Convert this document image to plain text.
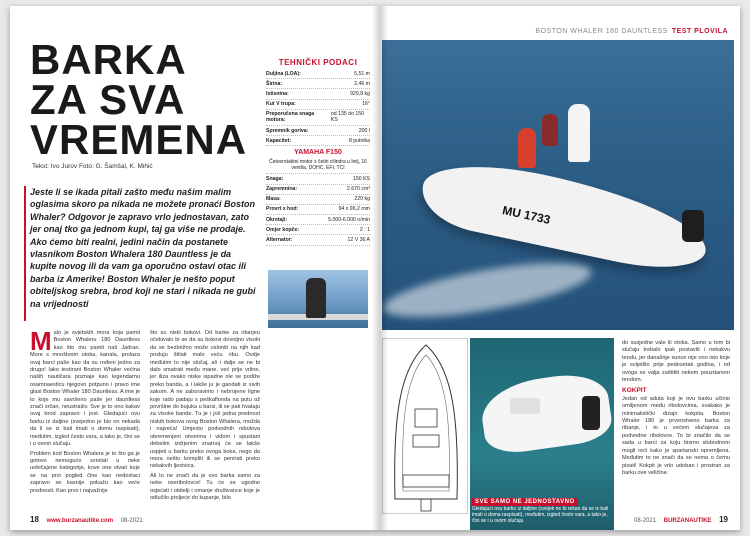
BARKA
ZA SVA
VREMENA
Tekst: Ivo Jurov Foto: G. Šamšal, K. Mihić
Jeste li se ikada pitali zašto među našim malim oglasima skoro pa nikada ne možete pronaći Boston Whaler? Odgovor je zapravo vrlo jednostavan, zato jer onaj tko ga jednom kupi, taj ga više ne prodaje. Ako ćemo biti realni, jedini način da postanete vlasnikom Boston Whalera 180 Dauntless je da kupite novog ili da vam ga oporučno ostavi otac ili barba iz Amerike! Boston Whaler je nešto poput obiteljskog srebra, brod koji ne stari i nikada ne gubi na vrijednosti
TEHNIČKI PODACI
Duljina (LOA):	5,51 m
Širina:	2,46 m
Istisnina:	929,8 kg
Kut V trupa:	16°
Preporučena snaga motora:
od 135 do 150 KS
Spremnik goriva:	200 l
Kapacitet:	8 putnika
YAMAHA F150
Četverotaktni motor s četiri cilindra u linij, 16 ventila, DOHC, EFI, TCI
Snaga:	150 KS
Zapremnina:	2.670 cm³
Masa:	220 kg
Provrt x hod:	94 x 96,2 mm
Okretaji:	5.000-6.000 o/min
Omjer kopče:	2 : 1
Alternator:	12 V 36 A
M alo je svjetskih mora koja pamti Boston Whaleru 180 Dauntless kao što mu pamti naš Jadran. More s mnoštvom otoka, kanala, prolaza ovaj barci paše kao da su rođeni jedno za drugo! Iako testirani Boston Whaler većina naših nautičara poznaje kao legendarnu osamnaesticu njegovo potpuno i pravo ime glasi Boston Whaler 180 Dauntless. A ime je to koje mu savršeno paše jer dauntless znači srčan, neustrašiv. Sve je to ono kakav ovaj brod zapravo i jest. Gledajući ovu barku iz daljine (svejedno je bio on nekada da li se iz bali imati o domu raspisati), međutim, izgled često vara, a tako je, čini se i u ovom slučaju.
Problem kod Boston Whalera je to što ga je gotovo nemoguće svrstati u neke uobičajene kategorije, kove one stvari koje se na prvi pogled čine kao nedostaci zapravo se kasnije pokažu kao veće prednosti. Kao prvo i najvažnije
što su niski bokovi. Od barke za ribarjeu očekivalo bi se da su bokovi dovoljno visoki da se bezbrižno može osloniti na njih kad posluju štilati malo veću ribu. Ovdje međutim to nije slučaj, ali i dalje se ne bi dalo smatrati među mane, već prije vrline, jer iliza ovako niske ispadne ole se podiže preko banda, a i lakše ju je gandati iz sivih sakom. A ne zaboravimo i nebrojene ligne koje rado padaju s peškaflonda na putu ož površine do bujuka u barsi, ili se pak hvataju za visoke bande. Tu je i još jedna prednost niskih bokova ovog Boston Whalera, možda i najveća! Umjesto podvodnih nibolova obremenjeni otvorima i vidom i spustani debelim izdrjenim znatnoj će se lakše uspjeti u barku preko ovoga boka, nego da mora nešto kompliti ili se penirati preko nekakvih ljestvica.
Ali to ne znači da je ovo barka samo za neke oseribolovce! Tu će se ugodno osjećati i obitelji i omanje društvance koje je odlučilo proljeće do kupanje, bilo
18 www.burzanautike.com 08-2021
BOSTON WHALER 180 DAUNTLESS TEST PLOVILA
MU 1733
SVE SAMO NE JEDNOSTAVNO
Gledajući ovu barku iz daljine (svejek ne bi rekao da se iz bali imati o doma raspisati), međutim, izgled često vara, a tako je, čini se i u ovom slučaju
do susjedne vale ili otoka. Samo u tom bi slučaju trebalo ipak postaviti i nekakvu tendu, jer današnje sunce nije ono isto koje je svijetlilo prije pedesetak godina, i od ovoga se valja zaštititi nekom pouzdanom tendom.
KOKPIT
Jedan od aduta koji je ovu barku učinio omiljenom među ribolovcima, svakako je minimalistički dizajn kokpita. Boston Whaler 180 je prvenstveno barka za ribanje, i to u većem slučajeva za podvodne ribolovce. To bi značilo da se sada u barci za koju bismo slobodnom mogli reći kako je spartanski opremljena. Međutim to ne znači da se nema o čemu pisati! Kokpit je vrlo udoban i prostran za barku ove veličine.
08-2021 BURZANAUTIKE 19
